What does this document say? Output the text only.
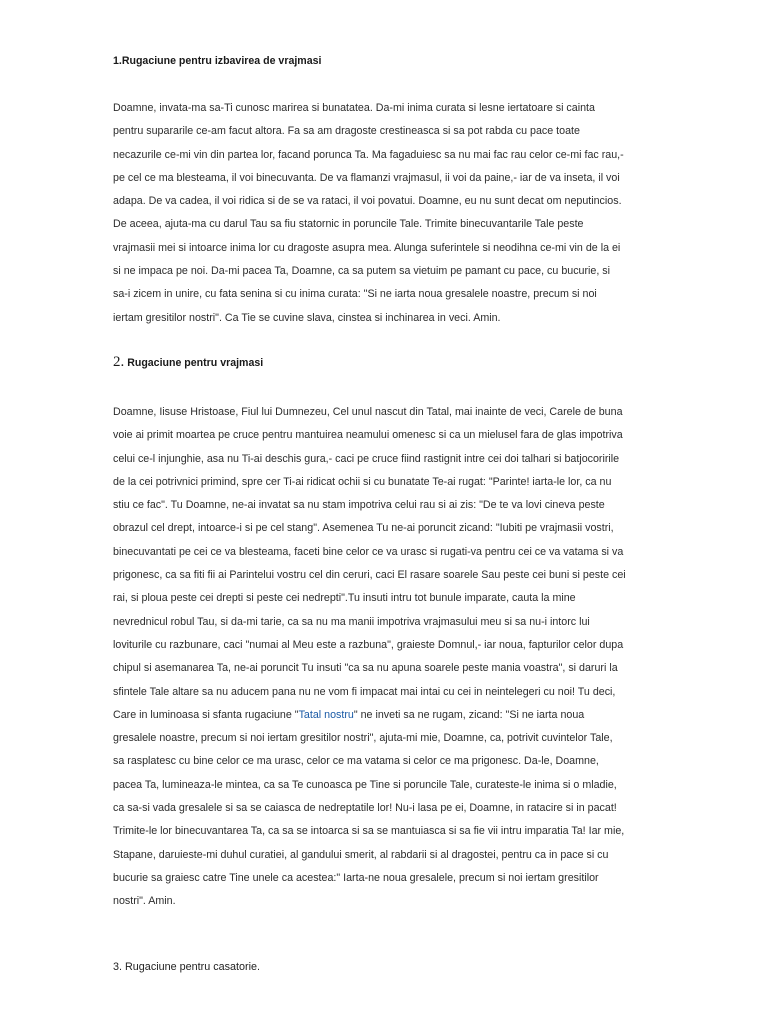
1.Rugaciune pentru izbavirea de vrajmasi
Doamne, invata-ma sa-Ti cunosc marirea si bunatatea. Da-mi inima curata si lesne iertatoare si cainta
pentru supararile ce-am facut altora. Fa sa am dragoste crestineasca si sa pot rabda cu pace toate
necazurile ce-mi vin din partea lor, facand porunca Ta. Ma fagaduiesc sa nu mai fac rau celor ce-mi fac rau,-
pe cel ce ma blesteama, il voi binecuvanta. De va flamanzi vrajmasul, ii voi da paine,- iar de va inseta, il voi
adapa. De va cadea, il voi ridica si de se va rataci, il voi povatui. Doamne, eu nu sunt decat om neputincios.
De aceea, ajuta-ma cu darul Tau sa fiu statornic in poruncile Tale. Trimite binecuvantarile Tale peste
vrajmasii mei si intoarce inima lor cu dragoste asupra mea. Alunga suferintele si neodihna ce-mi vin de la ei
si ne impaca pe noi. Da-mi pacea Ta, Doamne, ca sa putem sa vietuim pe pamant cu pace, cu bucurie, si
sa-i zicem in unire, cu fata senina si cu inima curata: "Si ne iarta noua gresalele noastre, precum si noi
iertam gresitilor nostri". Ca Tie se cuvine slava, cinstea si inchinarea in veci. Amin.
2. Rugaciune pentru vrajmasi
Doamne, Iisuse Hristoase, Fiul lui Dumnezeu, Cel unul nascut din Tatal, mai inainte de veci, Carele de buna
voie ai primit moartea pe cruce pentru mantuirea neamului omenesc si ca un mielusel fara de glas impotriva
celui ce-l injunghie, asa nu Ti-ai deschis gura,- caci pe cruce fiind rastignit intre cei doi talhari si batjocoririle
de la cei potrivnici primind, spre cer Ti-ai ridicat ochii si cu bunatate Te-ai rugat: "Parinte! iarta-le lor, ca nu
stiu ce fac". Tu Doamne, ne-ai invatat sa nu stam impotriva celui rau si ai zis: "De te va lovi cineva peste
obrazul cel drept, intoarce-i si pe cel stang". Asemenea Tu ne-ai poruncit zicand: "Iubiti pe vrajmasii vostri,
binecuvantati pe cei ce va blesteama, faceti bine celor ce va urasc si rugati-va pentru cei ce va vatama si va
prigonesc, ca sa fiti fii ai Parintelui vostru cel din ceruri, caci El rasare soarele Sau peste cei buni si peste cei
rai, si ploua peste cei drepti si peste cei nedrepti".Tu insuti intru tot bunule imparate, cauta la mine
nevrednicul robul Tau, si da-mi tarie, ca sa nu ma manii impotriva vrajmasului meu si sa nu-i intorc lui
loviturile cu razbunare, caci "numai al Meu este a razbuna", graieste Domnul,- iar noua, fapturilor celor dupa
chipul si asemanarea Ta, ne-ai poruncit Tu insuti "ca sa nu apuna soarele peste mania voastra", si daruri la
sfintele Tale altare sa nu aducem pana nu ne vom fi impacat mai intai cu cei in neintelegeri cu noi! Tu deci,
Care in luminoasa si sfanta rugaciune "Tatal nostru" ne inveti sa ne rugam, zicand: "Si ne iarta noua
gresalele noastre, precum si noi iertam gresitilor nostri", ajuta-mi mie, Doamne, ca, potrivit cuvintelor Tale,
sa rasplatesc cu bine celor ce ma urasc, celor ce ma vatama si celor ce ma prigonesc. Da-le, Doamne,
pacea Ta, lumineaza-le mintea, ca sa Te cunoasca pe Tine si poruncile Tale, curateste-le inima si o mladie,
ca sa-si vada gresalele si sa se caiasca de nedreptatile lor! Nu-i lasa pe ei, Doamne, in ratacire si in pacat!
Trimite-le lor binecuvantarea Ta, ca sa se intoarca si sa se mantuiasca si sa fie vii intru imparatia Ta! Iar mie,
Stapane, daruieste-mi duhul curatiei, al gandului smerit, al rabdarii si al dragostei, pentru ca in pace si cu
bucurie sa graiesc catre Tine unele ca acestea:" Iarta-ne noua gresalele, precum si noi iertam gresitilor
nostri". Amin.
3. Rugaciune pentru casatorie.
